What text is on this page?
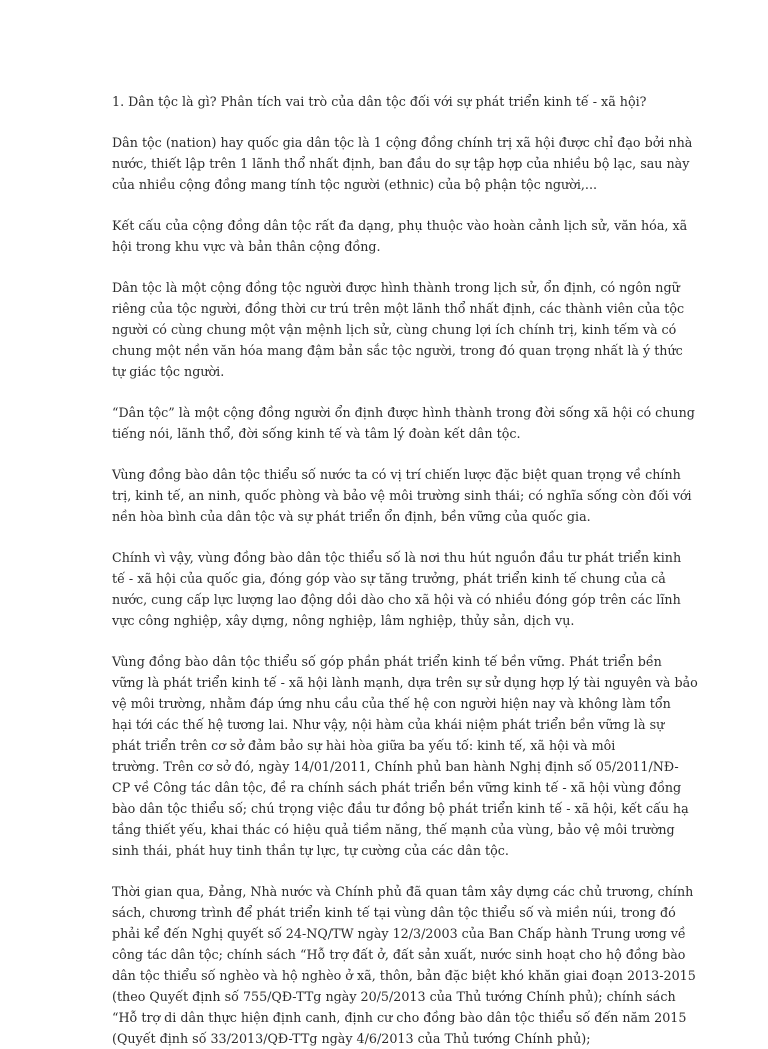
1. Dân tộc là gì? Phân tích vai trò của dân tộc đối với sự phát triển kinh tế - xã hội?

Dân tộc (nation) hay quốc gia dân tộc là 1 cộng đồng chính trị xã hội được chỉ đạo bởi nhà
nước, thiết lập trên 1 lãnh thổ nhất định, ban đầu do sự tập hợp của nhiều bộ lạc, sau này
của nhiều cộng đồng mang tính tộc người (ethnic) của bộ phận tộc người,...

Kết cấu của cộng đồng dân tộc rất đa dạng, phụ thuộc vào hoàn cảnh lịch sử, văn hóa, xã
hội trong khu vực và bản thân cộng đồng.

Dân tộc là một cộng đồng tộc người được hình thành trong lịch sử, ổn định, có ngôn ngữ
riêng của tộc người, đồng thời cư trú trên một lãnh thổ nhất định, các thành viên của tộc
người có cùng chung một vận mệnh lịch sử, cùng chung lợi ích chính trị, kinh tếm và có
chung một nền văn hóa mang đậm bản sắc tộc người, trong đó quan trọng nhất là ý thức
tự giác tộc người.

“Dân tộc” là một cộng đồng người ổn định được hình thành trong đời sống xã hội có chung
tiếng nói, lãnh thổ, đời sống kinh tế và tâm lý đoàn kết dân tộc.

Vùng đồng bào dân tộc thiểu số nước ta có vị trí chiến lược đặc biệt quan trọng về chính
trị, kinh tế, an ninh, quốc phòng và bảo vệ môi trường sinh thái; có nghĩa sống còn đối với
nền hòa bình của dân tộc và sự phát triển ổn định, bền vững của quốc gia.

Chính vì vậy, vùng đồng bào dân tộc thiểu số là nơi thu hút nguồn đầu tư phát triển kinh
tế - xã hội của quốc gia, đóng góp vào sự tăng trưởng, phát triển kinh tế chung của cả
nước, cung cấp lực lượng lao động dồi dào cho xã hội và có nhiều đóng góp trên các lĩnh
vực công nghiệp, xây dựng, nông nghiệp, lâm nghiệp, thủy sản, dịch vụ.

Vùng đồng bào dân tộc thiểu số góp phần phát triển kinh tế bền vững. Phát triển bền
vững là phát triển kinh tế - xã hội lành mạnh, dựa trên sự sử dụng hợp lý tài nguyên và bảo
vệ môi trường, nhằm đáp ứng nhu cầu của thế hệ con người hiện nay và không làm tổn
hại tới các thế hệ tương lai. Như vậy, nội hàm của khái niệm phát triển bền vững là sự
phát triển trên cơ sở đảm bảo sự hài hòa giữa ba yếu tố: kinh tế, xã hội và môi
trường. Trên cơ sở đó, ngày 14/01/2011, Chính phủ ban hành Nghị định số 05/2011/NĐ-
CP về Công tác dân tộc, đề ra chính sách phát triển bền vững kinh tế - xã hội vùng đồng
bào dân tộc thiểu số; chú trọng việc đầu tư đồng bộ phát triển kinh tế - xã hội, kết cấu hạ
tầng thiết yếu, khai thác có hiệu quả tiềm năng, thế mạnh của vùng, bảo vệ môi trường
sinh thái, phát huy tinh thần tự lực, tự cường của các dân tộc.

Thời gian qua, Đảng, Nhà nước và Chính phủ đã quan tâm xây dựng các chủ trương, chính
sách, chương trình để phát triển kinh tế tại vùng dân tộc thiểu số và miền núi, trong đó
phải kể đến Nghị quyết số 24-NQ/TW ngày 12/3/2003 của Ban Chấp hành Trung ương về
công tác dân tộc; chính sách “Hỗ trợ đất ở, đất sản xuất, nước sinh hoạt cho hộ đồng bào
dân tộc thiểu số nghèo và hộ nghèo ở xã, thôn, bản đặc biệt khó khăn giai đoạn 2013-2015
(theo Quyết định số 755/QĐ-TTg ngày 20/5/2013 của Thủ tướng Chính phủ); chính sách
“Hỗ trợ di dân thực hiện định canh, định cư cho đồng bào dân tộc thiểu số đến năm 2015
(Quyết định số 33/2013/QĐ-TTg ngày 4/6/2013 của Thủ tướng Chính phủ);
